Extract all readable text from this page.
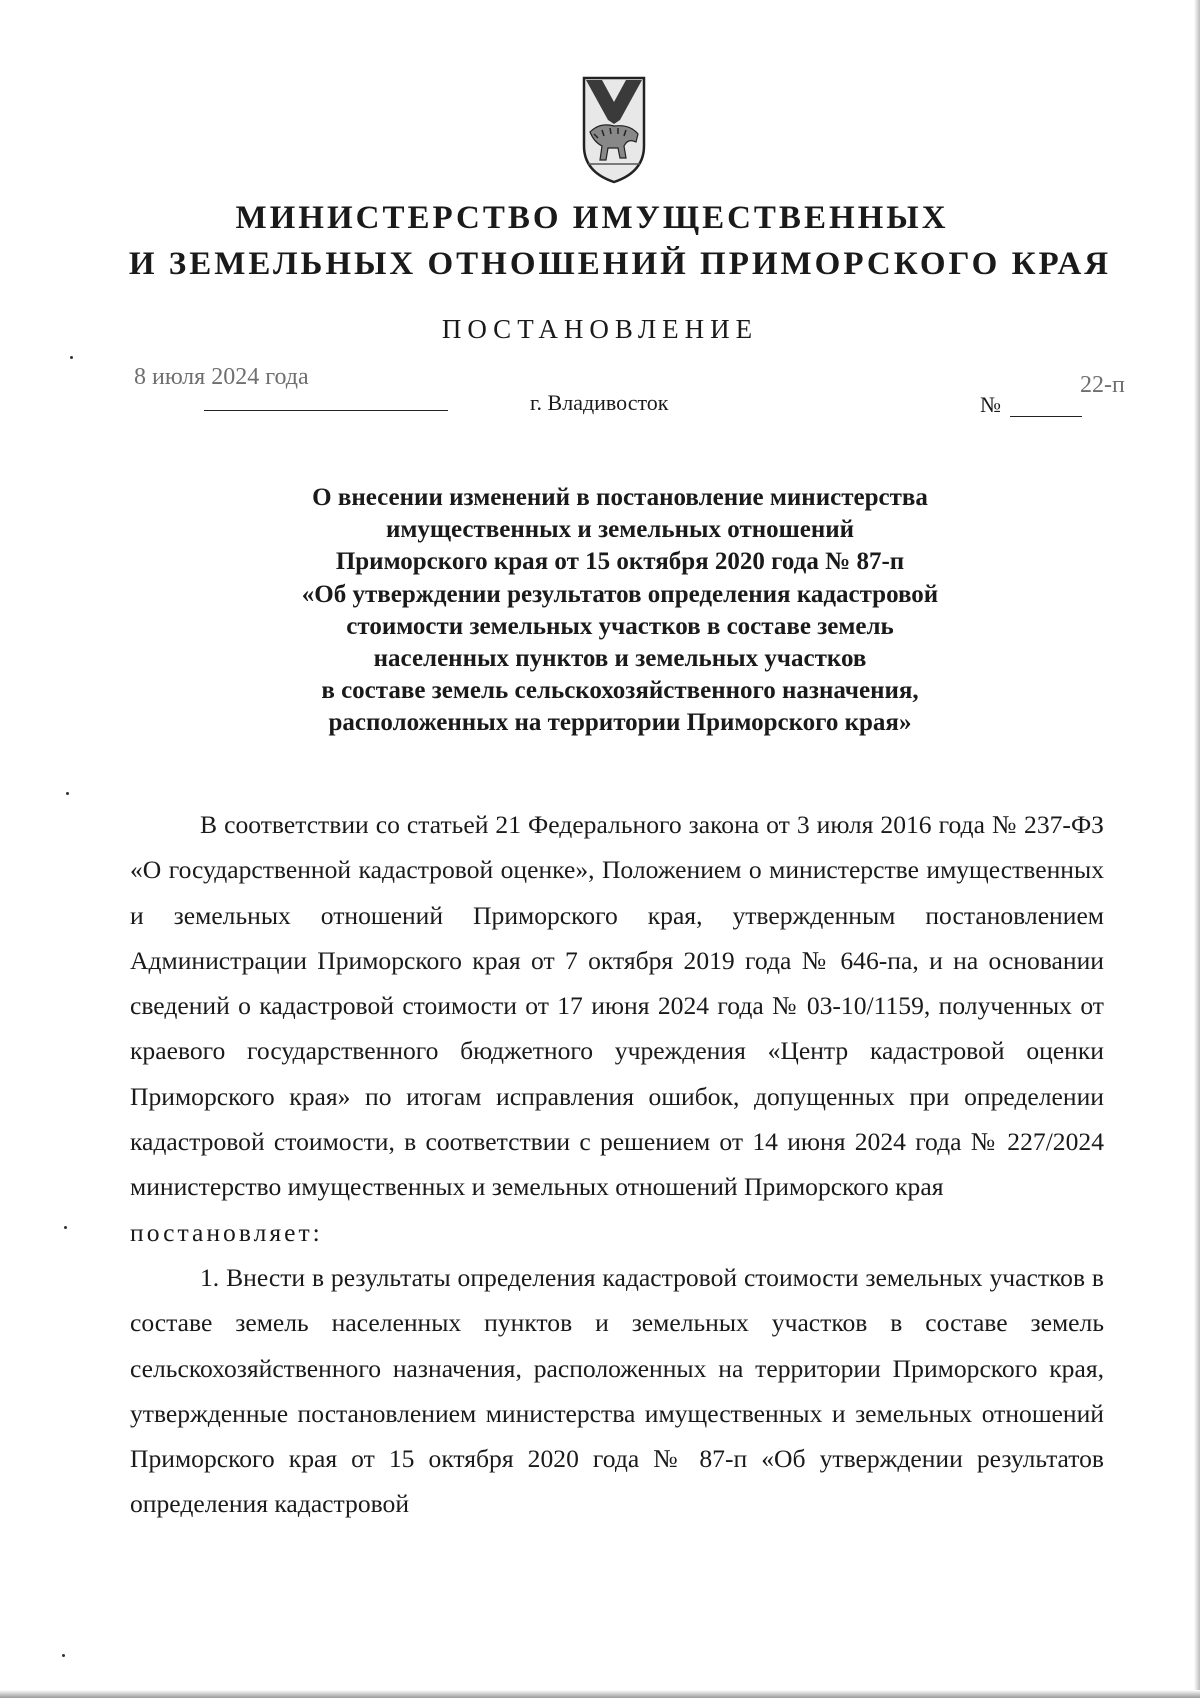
МИНИСТЕРСТВО ИМУЩЕСТВЕННЫХ
И ЗЕМЕЛЬНЫХ ОТНОШЕНИЙ ПРИМОРСКОГО КРАЯ
ПОСТАНОВЛЕНИЕ
8 июля 2024 года
г. Владивосток	№
22-п
О внесении изменений в постановление министерства
имущественных и земельных отношений
Приморского края от 15 октября 2020 года № 87-п
«Об утверждении результатов определения кадастровой
стоимости земельных участков в составе земель
населенных пунктов и земельных участков
в составе земель сельскохозяйственного назначения,
расположенных на территории Приморского края»

В соответствии со статьей 21 Федерального закона от 3 июля 2016 года № 237-ФЗ «О государственной кадастровой оценке», Положением о министерстве имущественных и земельных отношений Приморского края, утвержденным постановлением Администрации Приморского края от 7 октября 2019 года № 646-па, и на основании сведений о кадастровой стоимости от 17 июня 2024 года № 03-10/1159, полученных от краевого государственного бюджетного учреждения «Центр кадастровой оценки Приморского края» по итогам исправления ошибок, допущенных при определении кадастровой стоимости, в соответствии с решением от 14 июня 2024 года № 227/2024 министерство имущественных и земельных отношений Приморского края

постановляет:

1. Внести в результаты определения кадастровой стоимости земельных участков в составе земель населенных пунктов и земельных участков в составе земель сельскохозяйственного назначения, расположенных на территории Приморского края, утвержденные постановлением министерства имущественных и земельных отношений Приморского края от 15 октября 2020 года № 87-п «Об утверждении результатов определения кадастровой
